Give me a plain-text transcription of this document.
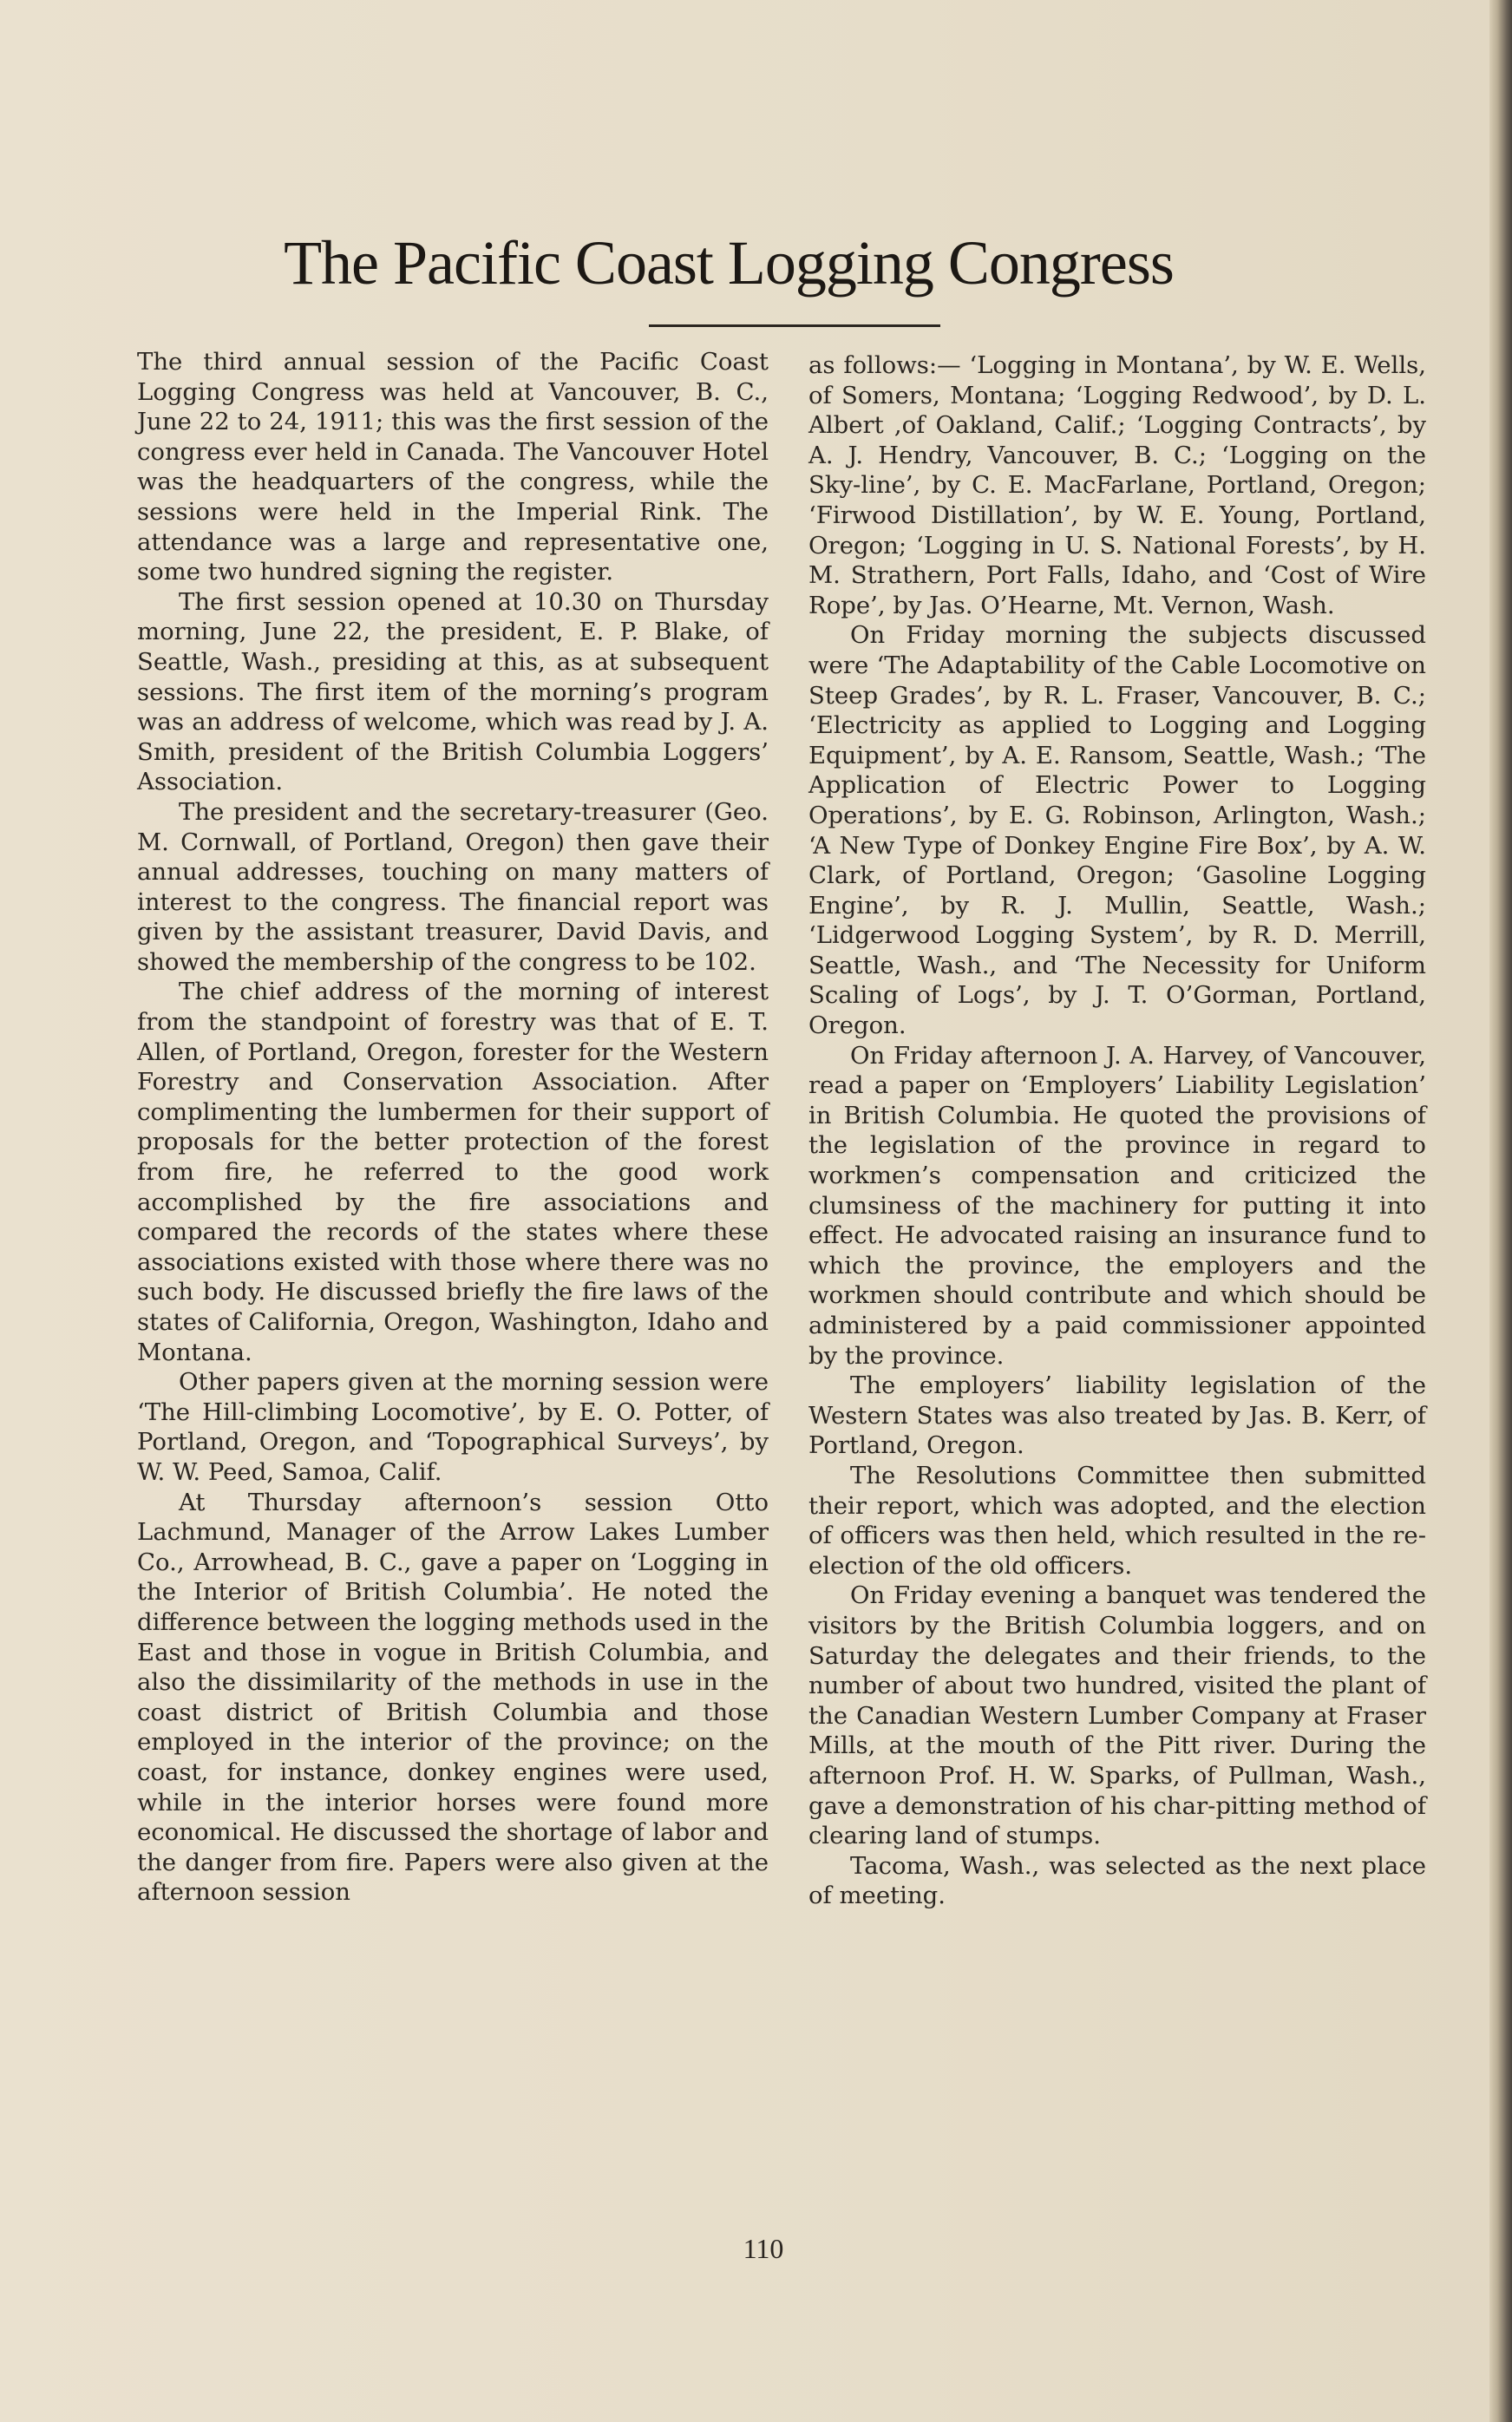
The Pacific Coast Logging Congress

The third annual session of the Pacific Coast Logging Congress was held at Vancouver, B. C., June 22 to 24, 1911; this was the first session of the congress ever held in Canada. The Vancouver Hotel was the headquarters of the congress, while the sessions were held in the Imperial Rink. The attendance was a large and representative one, some two hundred signing the register.

The first session opened at 10.30 on Thursday morning, June 22, the president, E. P. Blake, of Seattle, Wash., presiding at this, as at subsequent sessions. The first item of the morning’s program was an address of welcome, which was read by J. A. Smith, president of the British Columbia Loggers’ Association.

The president and the secretary-treasurer (Geo. M. Cornwall, of Portland, Oregon) then gave their annual addresses, touching on many matters of interest to the congress. The financial report was given by the assistant treasurer, David Davis, and showed the membership of the congress to be 102.

The chief address of the morning of interest from the standpoint of forestry was that of E. T. Allen, of Portland, Oregon, forester for the Western Forestry and Conservation Association. After complimenting the lumbermen for their support of proposals for the better protection of the forest from fire, he referred to the good work accomplished by the fire associations and compared the records of the states where these associations existed with those where there was no such body. He discussed briefly the fire laws of the states of California, Oregon, Washington, Idaho and Montana.

Other papers given at the morning session were ‘The Hill-climbing Locomotive’, by E. O. Potter, of Portland, Oregon, and ‘Topographical Surveys’, by W. W. Peed, Samoa, Calif.

At Thursday afternoon’s session Otto Lachmund, Manager of the Arrow Lakes Lumber Co., Arrowhead, B. C., gave a paper on ‘Logging in the Interior of British Columbia’. He noted the difference between the logging methods used in the East and those in vogue in British Columbia, and also the dissimilarity of the methods in use in the coast district of British Columbia and those employed in the interior of the province; on the coast, for instance, donkey engines were used, while in the interior horses were found more economical. He discussed the shortage of labor and the danger from fire. Papers were also given at the afternoon session

as follows:— ‘Logging in Montana’, by W. E. Wells, of Somers, Montana; ‘Logging Redwood’, by D. L. Albert ,of Oakland, Calif.; ‘Logging Contracts’, by A. J. Hendry, Vancouver, B. C.; ‘Logging on the Sky-line’, by C. E. MacFarlane, Portland, Oregon; ‘Firwood Distillation’, by W. E. Young, Portland, Oregon; ‘Logging in U. S. National Forests’, by H. M. Strathern, Port Falls, Idaho, and ‘Cost of Wire Rope’, by Jas. O’Hearne, Mt. Vernon, Wash.

On Friday morning the subjects discussed were ‘The Adaptability of the Cable Locomotive on Steep Grades’, by R. L. Fraser, Vancouver, B. C.; ‘Electricity as applied to Logging and Logging Equipment’, by A. E. Ransom, Seattle, Wash.; ‘The Application of Electric Power to Logging Operations’, by E. G. Robinson, Arlington, Wash.; ‘A New Type of Donkey Engine Fire Box’, by A. W. Clark, of Portland, Oregon; ‘Gasoline Logging Engine’, by R. J. Mullin, Seattle, Wash.; ‘Lidgerwood Logging System’, by R. D. Merrill, Seattle, Wash., and ‘The Necessity for Uniform Scaling of Logs’, by J. T. O’Gorman, Portland, Oregon.

On Friday afternoon J. A. Harvey, of Vancouver, read a paper on ‘Employers’ Liability Legislation’ in British Columbia. He quoted the provisions of the legislation of the province in regard to workmen’s compensation and criticized the clumsiness of the machinery for putting it into effect. He advocated raising an insurance fund to which the province, the employers and the workmen should contribute and which should be administered by a paid commissioner appointed by the province.

The employers’ liability legislation of the Western States was also treated by Jas. B. Kerr, of Portland, Oregon.

The Resolutions Committee then submitted their report, which was adopted, and the election of officers was then held, which resulted in the re-election of the old officers.

On Friday evening a banquet was tendered the visitors by the British Columbia loggers, and on Saturday the delegates and their friends, to the number of about two hundred, visited the plant of the Canadian Western Lumber Company at Fraser Mills, at the mouth of the Pitt river. During the afternoon Prof. H. W. Sparks, of Pullman, Wash., gave a demonstration of his char-pitting method of clearing land of stumps.

Tacoma, Wash., was selected as the next place of meeting.

110
